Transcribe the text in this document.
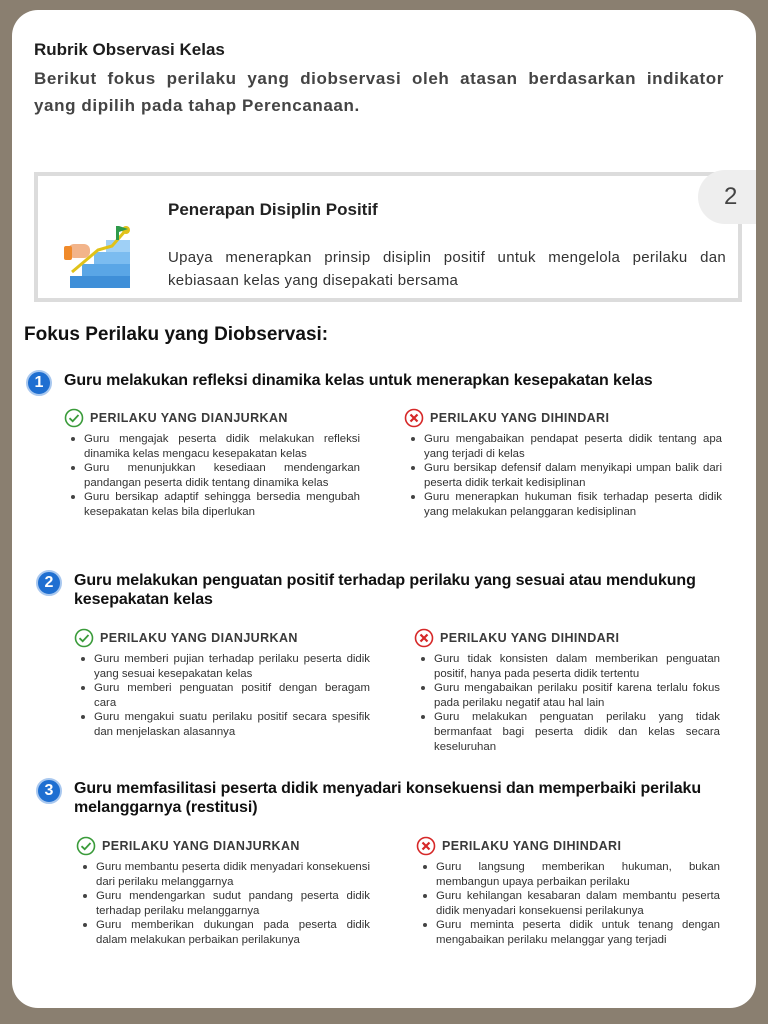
Rubrik Observasi Kelas
Berikut fokus perilaku yang diobservasi oleh atasan berdasarkan indikator yang dipilih pada tahap Perencanaan.
Penerapan Disiplin Positif
Upaya menerapkan prinsip disiplin positif untuk mengelola perilaku dan kebiasaan kelas yang disepakati bersama
2
Fokus Perilaku yang Diobservasi:
1	Guru melakukan refleksi dinamika kelas untuk menerapkan kesepakatan kelas
PERILAKU YANG DIANJURKAN
Guru mengajak peserta didik melakukan refleksi dinamika kelas mengacu kesepakatan kelas
Guru menunjukkan kesediaan mendengarkan pandangan peserta didik tentang dinamika kelas
Guru bersikap adaptif sehingga bersedia mengubah kesepakatan kelas bila diperlukan
PERILAKU YANG DIHINDARI
Guru mengabaikan pendapat peserta didik tentang apa yang terjadi di kelas
Guru bersikap defensif dalam menyikapi umpan balik dari peserta didik terkait kedisiplinan
Guru menerapkan hukuman fisik terhadap peserta didik yang melakukan pelanggaran kedisiplinan
2	Guru melakukan penguatan positif terhadap perilaku yang sesuai atau mendukung kesepakatan kelas
PERILAKU YANG DIANJURKAN
Guru memberi pujian terhadap perilaku peserta didik yang sesuai kesepakatan kelas
Guru memberi penguatan positif dengan beragam cara
Guru mengakui suatu perilaku positif secara spesifik dan menjelaskan alasannya
PERILAKU YANG DIHINDARI
Guru tidak konsisten dalam memberikan penguatan positif, hanya pada peserta didik tertentu
Guru mengabaikan perilaku positif karena terlalu fokus pada perilaku negatif atau hal lain
Guru melakukan penguatan perilaku yang tidak bermanfaat bagi peserta didik dan kelas secara keseluruhan
3	Guru memfasilitasi peserta didik menyadari konsekuensi dan memperbaiki perilaku melanggarnya (restitusi)
PERILAKU YANG DIANJURKAN
Guru membantu peserta didik menyadari konsekuensi dari perilaku melanggarnya
Guru mendengarkan sudut pandang peserta didik terhadap perilaku melanggarnya
Guru memberikan dukungan pada peserta didik dalam melakukan perbaikan perilakunya
PERILAKU YANG DIHINDARI
Guru langsung memberikan hukuman, bukan membangun upaya perbaikan perilaku
Guru kehilangan kesabaran dalam membantu peserta didik menyadari konsekuensi perilakunya
Guru meminta peserta didik untuk tenang dengan mengabaikan perilaku melanggar yang terjadi
